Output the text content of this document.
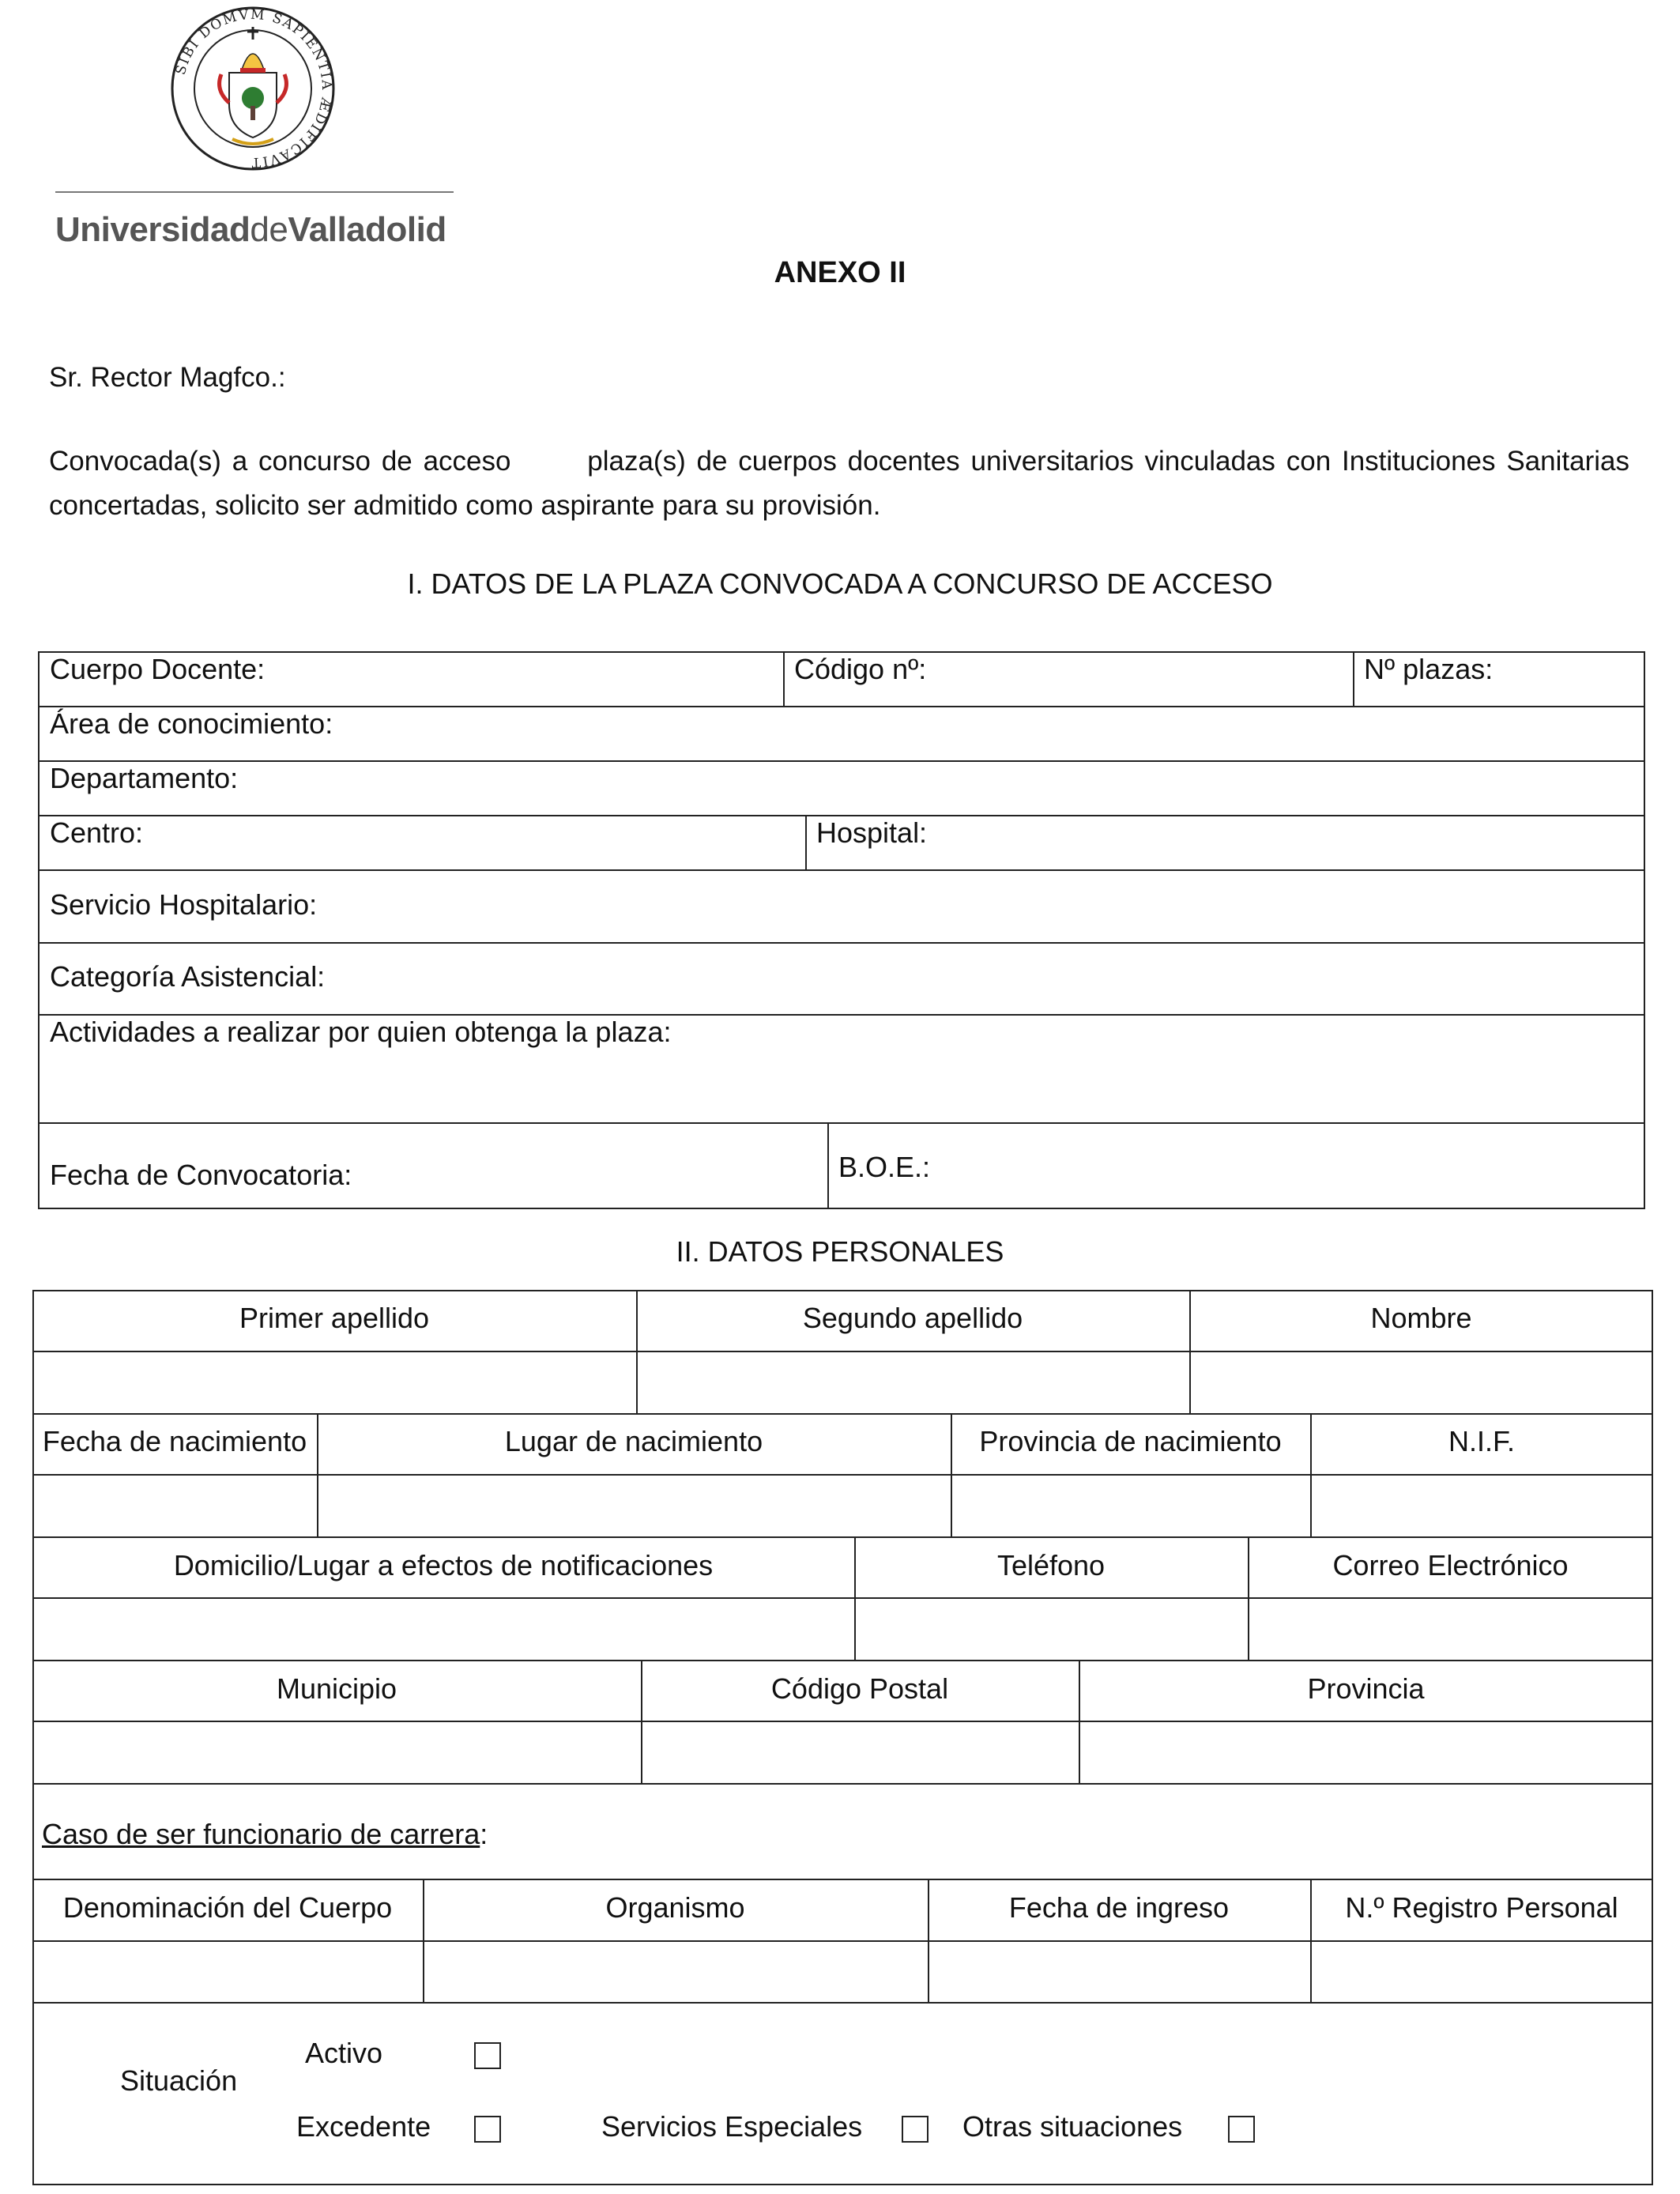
SIBI DOMVM SAPIENTIA ÆDIFICAVIT
UniversidaddeValladolid
ANEXO II
Sr. Rector Magfco.:
Convocada(s) a concurso de acceso       plaza(s) de cuerpos docentes universitarios vinculadas con Instituciones Sanitarias concertadas, solicito ser admitido como aspirante para su provisión.
I. DATOS DE LA PLAZA CONVOCADA A CONCURSO DE ACCESO
Cuerpo Docente:	Código nº:	Nº plazas:
Área de conocimiento:
Departamento:
Centro:	Hospital:
Servicio Hospitalario:
Categoría Asistencial:
Actividades a realizar por quien obtenga la plaza:
Fecha de Convocatoria:	B.O.E.:
II. DATOS PERSONALES
Primer apellido	Segundo apellido	Nombre
Fecha de nacimiento	Lugar de nacimiento	Provincia de nacimiento	N.I.F.
Domicilio/Lugar a efectos de notificaciones	Teléfono	Correo Electrónico
Municipio	Código Postal	Provincia
Caso de ser funcionario de carrera:
Denominación del Cuerpo	Organismo	Fecha de ingreso	N.º Registro Personal
Situación
Activo
Excedente	Servicios Especiales	Otras situaciones
